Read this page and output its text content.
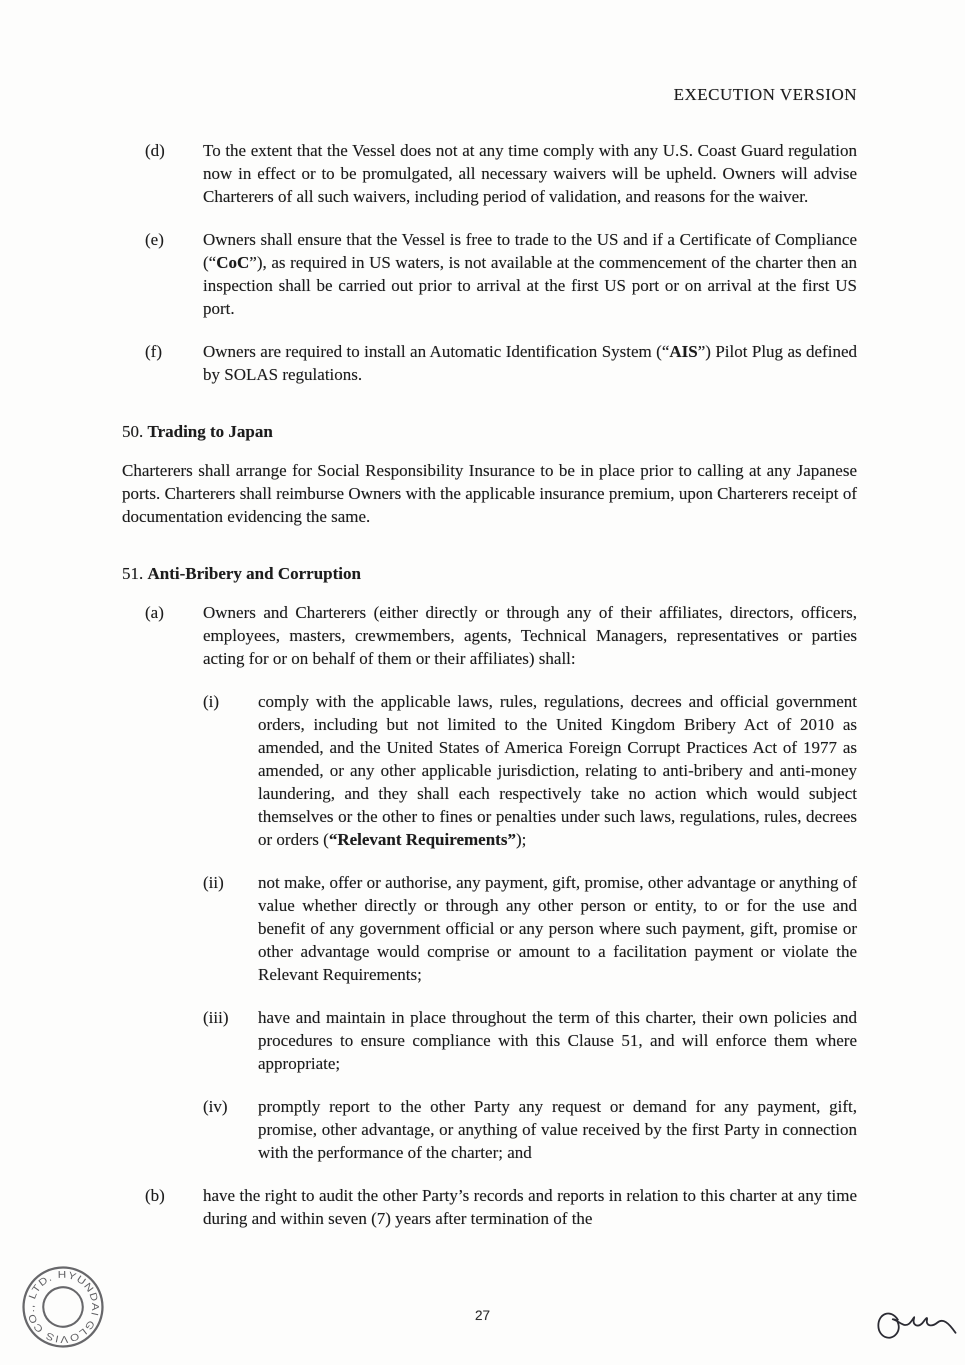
EXECUTION VERSION
(d) To the extent that the Vessel does not at any time comply with any U.S. Coast Guard regulation now in effect or to be promulgated, all necessary waivers will be upheld. Owners will advise Charterers of all such waivers, including period of validation, and reasons for the waiver.
(e) Owners shall ensure that the Vessel is free to trade to the US and if a Certificate of Compliance (“CoC”), as required in US waters, is not available at the commencement of the charter then an inspection shall be carried out prior to arrival at the first US port or on arrival at the first US port.
(f) Owners are required to install an Automatic Identification System (“AIS”) Pilot Plug as defined by SOLAS regulations.
50. Trading to Japan
Charterers shall arrange for Social Responsibility Insurance to be in place prior to calling at any Japanese ports. Charterers shall reimburse Owners with the applicable insurance premium, upon Charterers receipt of documentation evidencing the same.
51. Anti-Bribery and Corruption
(a) Owners and Charterers (either directly or through any of their affiliates, directors, officers, employees, masters, crewmembers, agents, Technical Managers, representatives or parties acting for or on behalf of them or their affiliates) shall:
(i) comply with the applicable laws, rules, regulations, decrees and official government orders, including but not limited to the United Kingdom Bribery Act of 2010 as amended, and the United States of America Foreign Corrupt Practices Act of 1977 as amended, or any other applicable jurisdiction, relating to anti-bribery and anti-money laundering, and they shall each respectively take no action which would subject themselves or the other to fines or penalties under such laws, regulations, rules, decrees or orders (“Relevant Requirements”);
(ii) not make, offer or authorise, any payment, gift, promise, other advantage or anything of value whether directly or through any other person or entity, to or for the use and benefit of any government official or any person where such payment, gift, promise or other advantage would comprise or amount to a facilitation payment or violate the Relevant Requirements;
(iii) have and maintain in place throughout the term of this charter, their own policies and procedures to ensure compliance with this Clause 51, and will enforce them where appropriate;
(iv) promptly report to the other Party any request or demand for any payment, gift, promise, other advantage, or anything of value received by the first Party in connection with the performance of the charter; and
(b) have the right to audit the other Party’s records and reports in relation to this charter at any time during and within seven (7) years after termination of the
HYUNDAI GLOVIS CO., LTD.
27
